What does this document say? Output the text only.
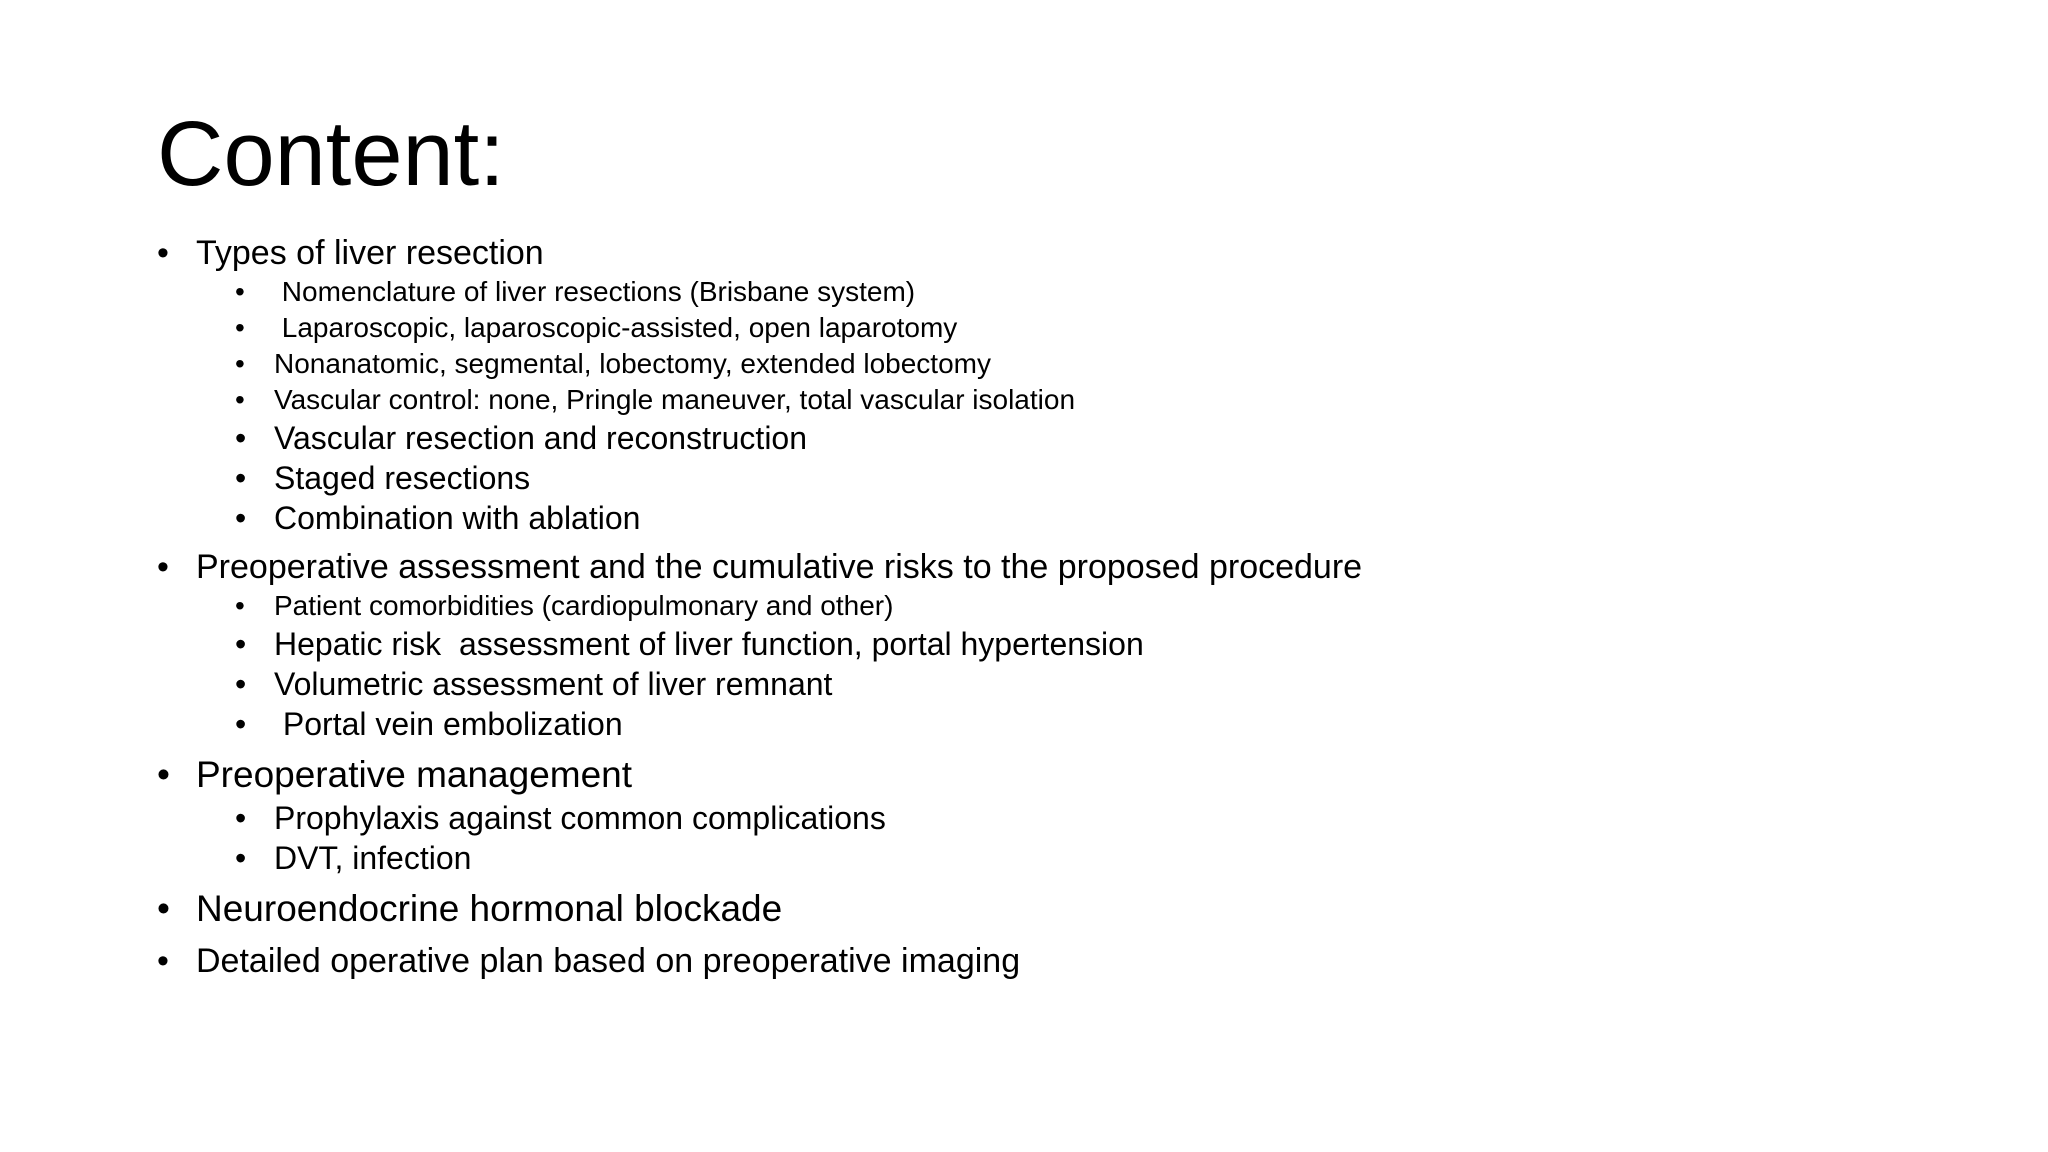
Content:
• Types of liver resection
•  Nomenclature of liver resections (Brisbane system)
•  Laparoscopic, laparoscopic-assisted, open laparotomy
• Nonanatomic, segmental, lobectomy, extended lobectomy
• Vascular control: none, Pringle maneuver, total vascular isolation
• Vascular resection and reconstruction
• Staged resections
• Combination with ablation
• Preoperative assessment and the cumulative risks to the proposed procedure
• Patient comorbidities (cardiopulmonary and other)
• Hepatic risk  assessment of liver function, portal hypertension
• Volumetric assessment of liver remnant
•  Portal vein embolization
• Preoperative management
• Prophylaxis against common complications
• DVT, infection
• Neuroendocrine hormonal blockade
• Detailed operative plan based on preoperative imaging
